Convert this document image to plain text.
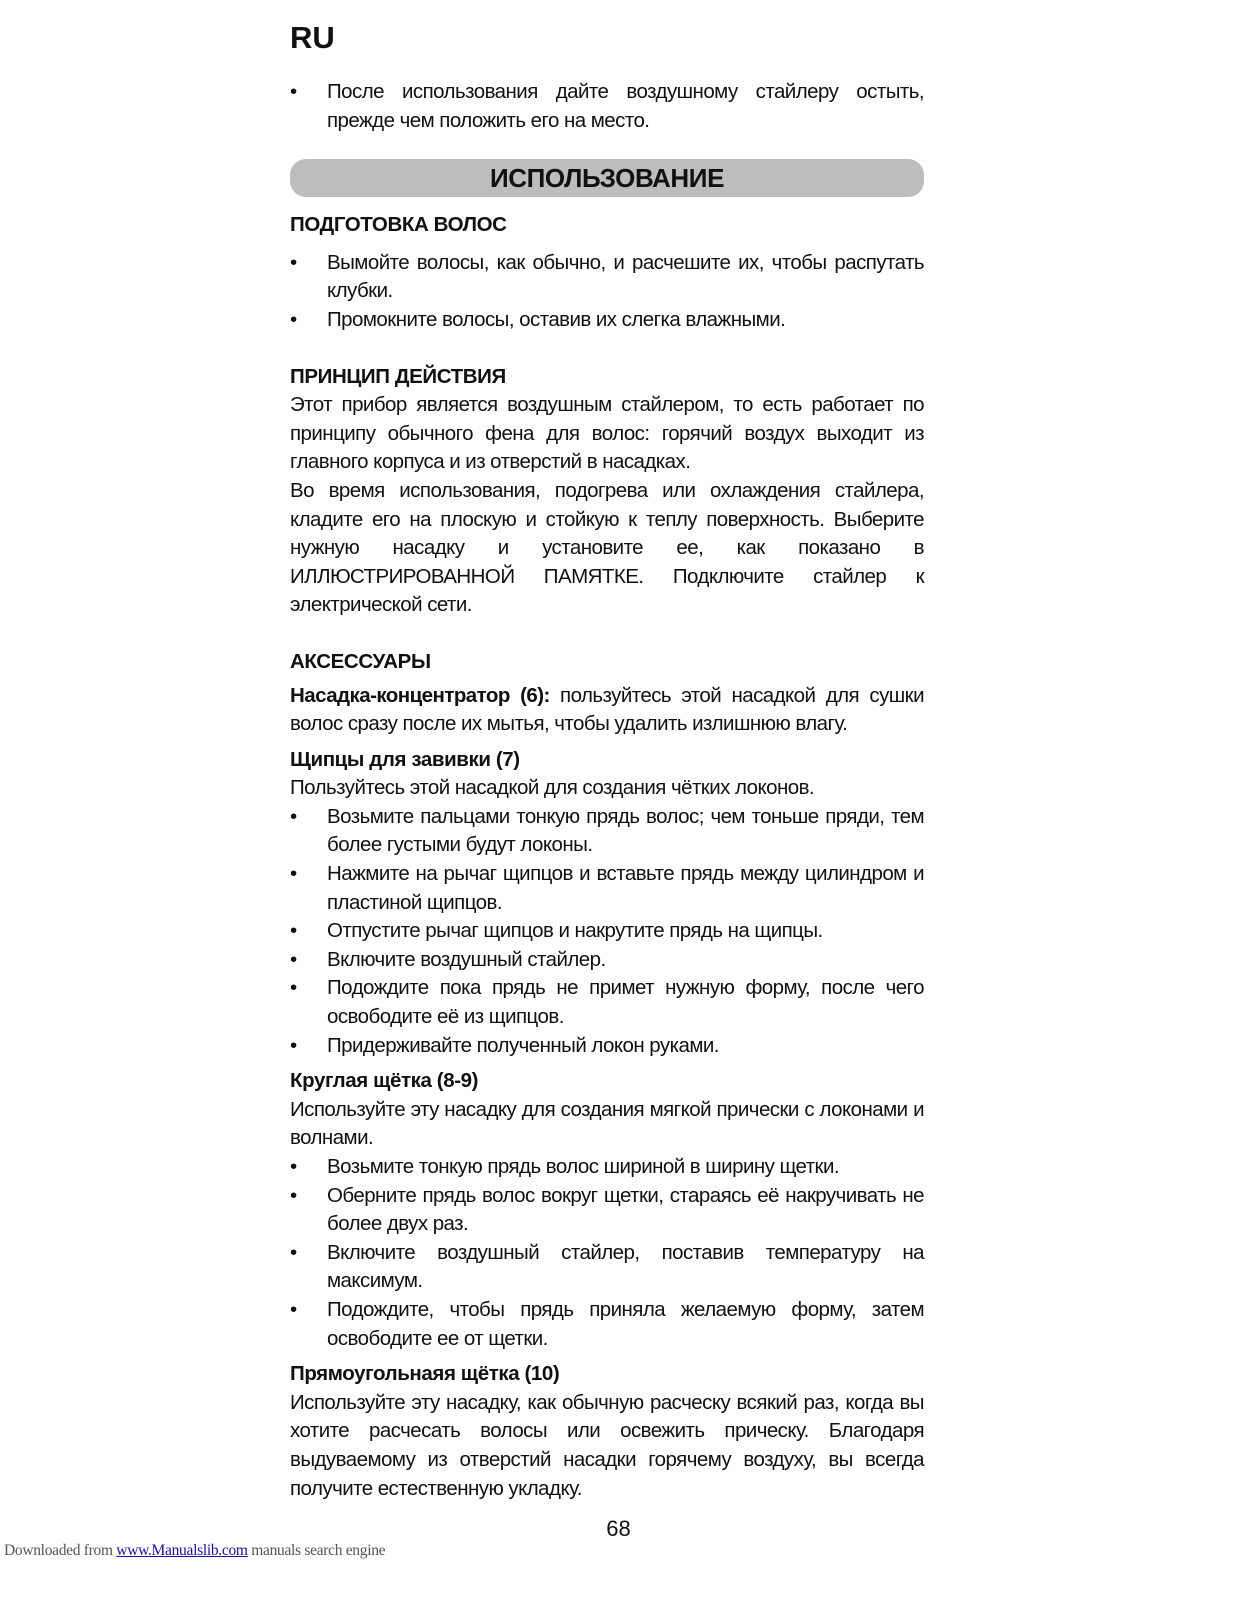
RU
• После использования дайте воздушному стайлеру остыть, прежде чем положить его на место.
ИСПОЛЬЗОВАНИЕ
ПОДГОТОВКА ВОЛОС
• Вымойте волосы, как обычно, и расчешите их, чтобы распутать клубки.
• Промокните волосы, оставив их слегка влажными.
ПРИНЦИП ДЕЙСТВИЯ
Этот прибор является воздушным стайлером, то есть работает по принципу обычного фена для волос: горячий воздух выходит из главного корпуса и из отверстий в насадках.
Во время использования, подогрева или охлаждения стайлера, кладите его на плоскую и стойкую к теплу поверхность. Выберите нужную насадку и установите ее, как показано в ИЛЛЮСТРИРОВАННОЙ ПАМЯТКЕ. Подключите стайлер к электрической сети.
АКСЕССУАРЫ
Насадка-концентратор (6): пользуйтесь этой насадкой для сушки волос сразу после их мытья, чтобы удалить излишнюю влагу.
Щипцы для завивки (7)
Пользуйтесь этой насадкой для создания чётких локонов.
• Возьмите пальцами тонкую прядь волос; чем тоньше пряди, тем более густыми будут локоны.
• Нажмите на рычаг щипцов и вставьте прядь между цилиндром и пластиной щипцов.
• Отпустите рычаг щипцов и накрутите прядь на щипцы.
• Включите воздушный стайлер.
• Подождите пока прядь не примет нужную форму, после чего освободите её из щипцов.
• Придерживайте полученный локон руками.
Круглая щётка (8-9)
Используйте эту насадку для создания мягкой прически с локонами и волнами.
• Возьмите тонкую прядь волос шириной в ширину щетки.
• Оберните прядь волос вокруг щетки, стараясь её накручивать не более двух раз.
• Включите воздушный стайлер, поставив температуру на максимум.
• Подождите, чтобы прядь приняла желаемую форму, затем освободите ее от щетки.
Прямоугольнаяя щётка (10)
Используйте эту насадку, как обычную расческу всякий раз, когда вы хотите расчесать волосы или освежить прическу. Благодаря выдуваемому из отверстий насадки горячему воздуху, вы всегда получите естественную укладку.
68
Downloaded from www.Manualslib.com manuals search engine
